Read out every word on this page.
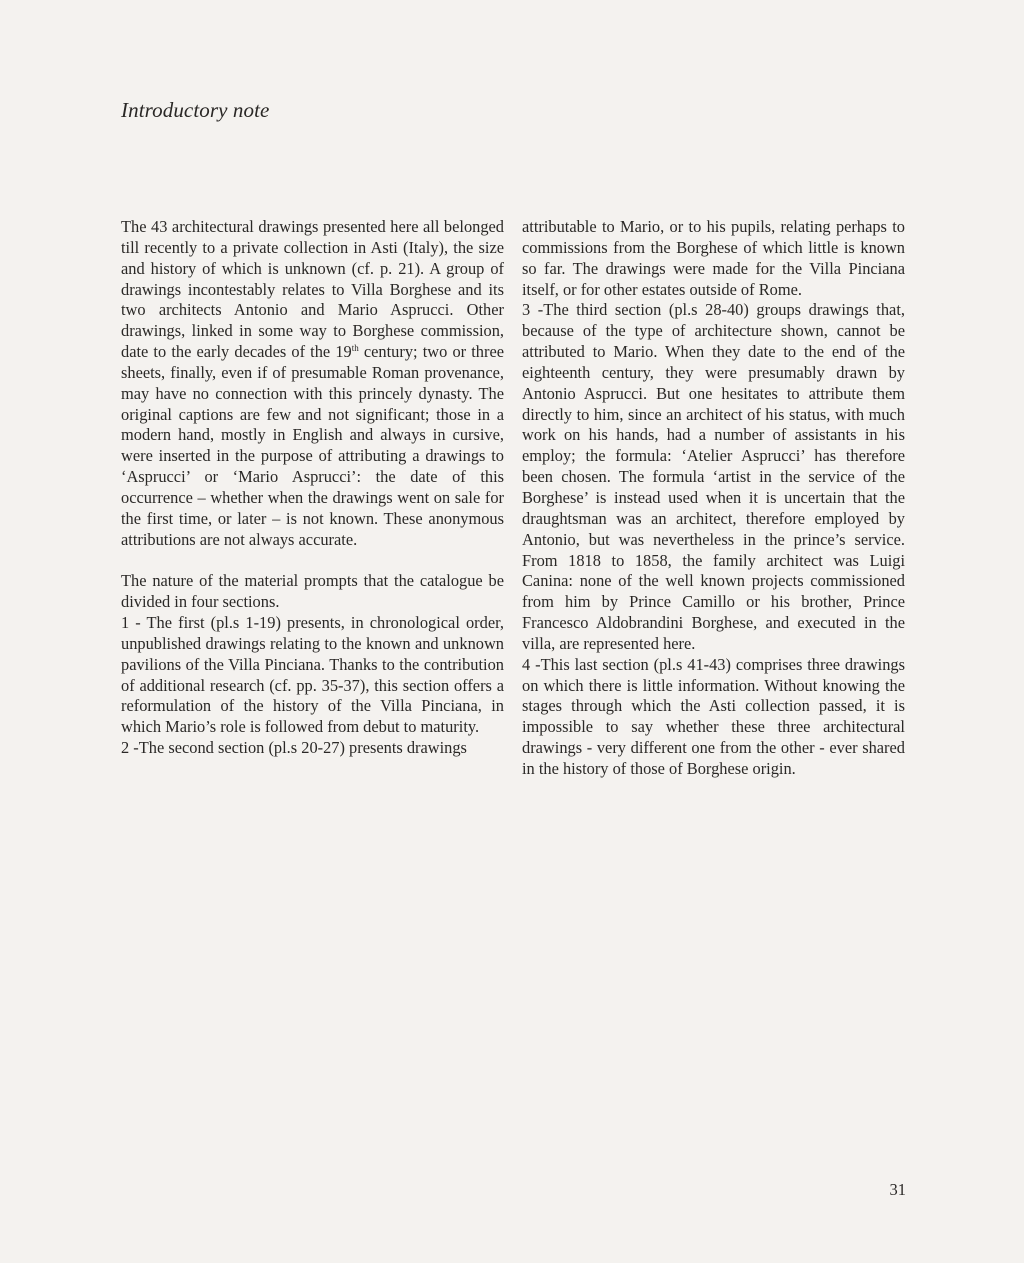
Introductory note

The 43 architectural drawings presented here all belonged till recently to a private collection in Asti (Italy), the size and history of which is unknown (cf. p. 21). A group of drawings incontestably relates to Villa Borghese and its two architects Antonio and Mario Asprucci. Other drawings, linked in some way to Borghese commission, date to the early decades of the 19th century; two or three sheets, finally, even if of presumable Roman provenance, may have no connection with this princely dynasty. The original captions are few and not significant; those in a modern hand, mostly in English and always in cursive, were inserted in the purpose of attributing a drawings to ‘Asprucci’ or ‘Mario Asprucci’: the date of this occurrence – whether when the drawings went on sale for the first time, or later – is not known. These anonymous attributions are not always accurate.

The nature of the material prompts that the catalogue be divided in four sections.

1 - The first (pl.s 1-19) presents, in chronological order, unpublished drawings relating to the known and unknown pavilions of the Villa Pinciana. Thanks to the contribution of additional research (cf. pp. 35-37), this section offers a reformulation of the history of the Villa Pinciana, in which Mario’s role is followed from debut to maturity.

2 -The second section (pl.s 20-27) presents drawings

attributable to Mario, or to his pupils, relating perhaps to commissions from the Borghese of which little is known so far. The drawings were made for the Villa Pinciana itself, or for other estates outside of Rome.

3 -The third section (pl.s 28-40) groups drawings that, because of the type of architecture shown, cannot be attributed to Mario. When they date to the end of the eighteenth century, they were presumably drawn by Antonio Asprucci. But one hesitates to attribute them directly to him, since an architect of his status, with much work on his hands, had a number of assistants in his employ; the formula: ‘Atelier Asprucci’ has therefore been chosen. The formula ‘artist in the service of the Borghese’ is instead used when it is uncertain that the draughtsman was an architect, therefore employed by Antonio, but was nevertheless in the prince’s service. From 1818 to 1858, the family architect was Luigi Canina: none of the well known projects commissioned from him by Prince Camillo or his brother, Prince Francesco Aldobrandini Borghese, and executed in the villa, are represented here.

4 -This last section (pl.s 41-43) comprises three drawings on which there is little information. Without knowing the stages through which the Asti collection passed, it is impossible to say whether these three architectural drawings - very different one from the other - ever shared in the history of those of Borghese origin.

31
